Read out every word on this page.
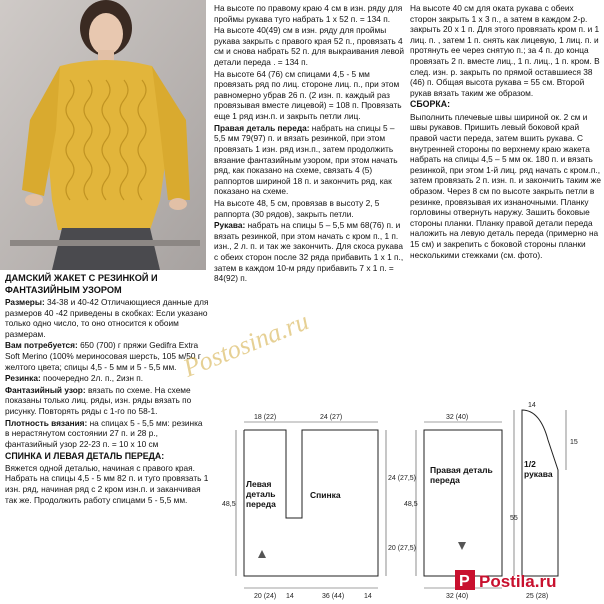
ДАМСКИЙ ЖАКЕТ С РЕЗИНКОЙ И ФАНТАЗИЙНЫМ УЗОРОМ

Размеры: 34-38 и 40-42 Отличающиеся данные для размеров 40 -42 приведены в скобках: Если указано только одно число, то оно относится к обоим размерам.

Вам потребуется: 650 (700) г пряжи Gedifra Extra Soft Merino (100% мериносовая шерсть, 105 м/50 г желтого цвета; спицы 4,5 - 5 мм и 5 - 5,5 мм.

Резинка: поочередно 2л. п., 2изн п.

Фантазийный узор: вязать по схеме. На схеме показаны только лиц. ряды, изн. ряды вязать по рисунку. Повторять ряды с 1-го по 58-1.

Плотность вязания: на спицах 5 - 5,5 мм: резинка в нерастянутом состоянии 27 п. и 28 р., фантазийный узор 22-23 п. = 10 х 10 см

СПИНКА И ЛЕВАЯ ДЕТАЛЬ ПЕРЕДА:

Вяжется одной деталью, начиная с правого края. Набрать на спицы 4,5 - 5 мм 82 п. и туго провязать 1 изн. ряд, начиная ряд с 2 кром изн.п. и заканчивая так же. Продолжить работу спицами 5 - 5,5 мм.

На высоте по правому краю 4 см в изн. ряду для проймы рукава туго набрать 1 х 52 п. = 134 п.

На высоте 40(49) см в изн. ряду для проймы рукава закрыть с правого края 52 п., провязать 4 см и снова набрать 52 п. для выкраивания левой детали переда . = 134 п.

На высоте 64 (76) см спицами 4,5 - 5 мм провязать ряд по лиц. стороне лиц. п., при этом равномерно убрав 26 п. (2 изн. п. каждый раз провязывая вместе лицевой) = 108 п. Провязать еще 1 ряд изн.п. и закрыть петли лиц.

Правая деталь переда: набрать на спицы 5 – 5,5 мм 79(97) п. и вязать резинкой, при этом провязать 1 изн. ряд изн.п., затем продолжить вязание фантазийным узором, при этом начать ряд, как показано на схеме, связать 4 (5) раппортов шириной 18 п. и закончить ряд, как показано на схеме.

На высоте 48, 5 см, провязав в высоту 2, 5 раппорта (30 рядов), закрыть петли.

Рукава: набрать на спицы 5 – 5,5 мм 68(76) п. и вязать резинкой, при этом начать с кром п., 1 п. изн., 2 л. п. и так же закончить. Для скоса рукава с обеих сторон после 32 ряда прибавить 1 х 1 п., затем в каждом 10-м ряду прибавить 7 х 1 п. = 84(92) п.

На высоте 40 см для оката рукава с обеих сторон закрыть 1 х 3 п., а затем в каждом 2-р. закрыть 20 х 1 п. Для этого провязать кром п. и 1 лиц. п. , затем 1 п. снять как лицевую, 1 лиц. п. и протянуть ее через снятую п.; за 4 п. до конца провязать 2 п. вместе лиц., 1 п. лиц., 1 п. кром. В след. изн. р. закрыть по прямой оставшиеся 38 (46) п. Общая высота рукава = 55 см. Второй рукав вязать таким же образом.

СБОРКА:

Выполнить плечевые швы шириной ок. 2 см и швы рукавов. Пришить левый боковой край правой части переда, затем вшить рукава. С внутренней стороны по верхнему краю жакета набрать на спицы 4,5 – 5 мм ок. 180 п. и вязать резинкой, при этом 1-й лиц. ряд начать с кром.п., затем провязать 2 п. изн. п. и закончить таким же образом. Через 8 см по высоте закрыть петли в резинке, провязывая их изнаночными. Планку горловины отвернуть наружу. Зашить боковые стороны планки. Планку правой детали переда наложить на левую деталь переда (примерно на 15 см) и закрепить с боковой стороны планки несколькими стежками (см. фото).

18 (22)	24 (27)
20 (24) 14	36 (44)	14
32 (40)
32 (40)
48,5	48,5
55
15
24 (27,5)
20 (27,5)
14
25 (28)
Левая деталь переда
Спинка
Правая деталь переда
1/2 рукава
Postosina.ru
P Postila.ru
